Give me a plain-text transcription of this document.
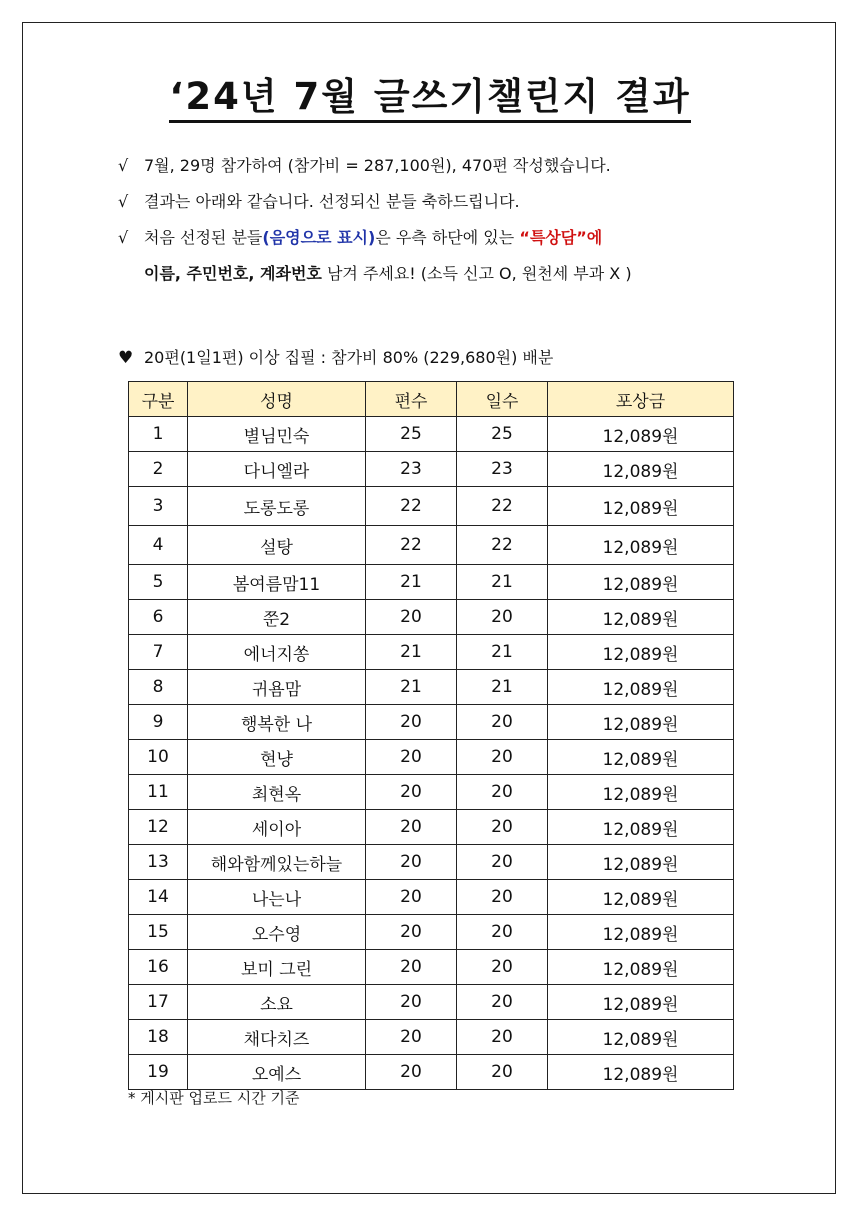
‘24년 7월 글쓰기챌린지 결과
√ 7월, 29명 참가하여 (참가비 = 287,100원), 470편 작성했습니다.
√ 결과는 아래와 같습니다. 선정되신 분들 축하드립니다.
√ 처음 선정된 분들(음영으로 표시)은 우측 하단에 있는 “특상담”에
이름, 주민번호, 계좌번호 남겨 주세요! (소득 신고 O, 원천세 부과 X )
♥ 20편(1일1편) 이상 집필 : 참가비 80% (229,680원) 배분
구분	성명	편수	일수	포상금
1	별님민숙	25	25	12,089원
2	다니엘라	23	23	12,089원
3	도롱도롱	22	22	12,089원
4	설탕	22	22	12,089원
5	봄여름맘11	21	21	12,089원
6	쭌2	20	20	12,089원
7	에너지쏭	21	21	12,089원
8	귀욤맘	21	21	12,089원
9	행복한 나	20	20	12,089원
10	현냥	20	20	12,089원
11	최현옥	20	20	12,089원
12	세이아	20	20	12,089원
13	해와함께있는하늘	20	20	12,089원
14	나는나	20	20	12,089원
15	오수영	20	20	12,089원
16	보미 그린	20	20	12,089원
17	소요	20	20	12,089원
18	채다치즈	20	20	12,089원
19	오예스	20	20	12,089원
* 게시판 업로드 시간 기준
